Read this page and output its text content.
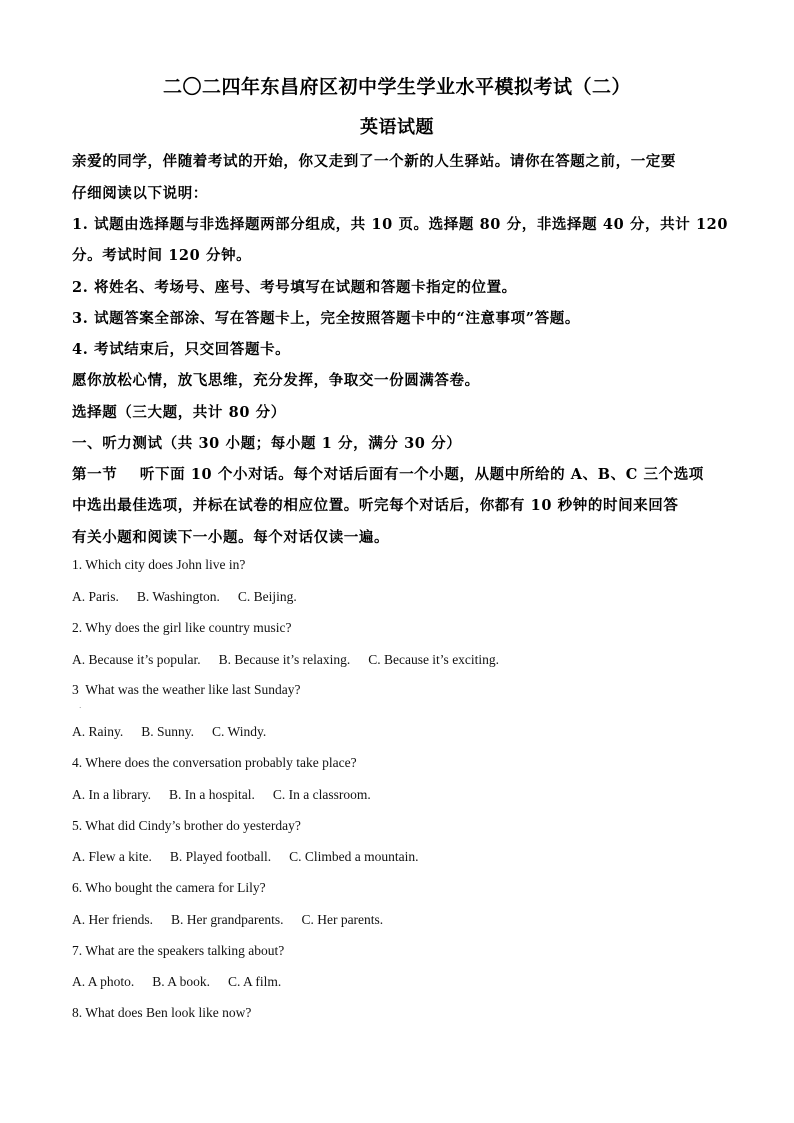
二〇二四年东昌府区初中学生学业水平模拟考试（二）
英语试题
亲爱的同学，伴随着考试的开始，你又走到了一个新的人生驿站。请你在答题之前，一定要
仔细阅读以下说明：
1. 试题由选择题与非选择题两部分组成，共 10 页。选择题 80 分，非选择题 40 分，共计 120
分。考试时间 120 分钟。
2. 将姓名、考场号、座号、考号填写在试题和答题卡指定的位置。
3. 试题答案全部涂、写在答题卡上，完全按照答题卡中的“注意事项”答题。
4. 考试结束后，只交回答题卡。
愿你放松心情，放飞思维，充分发挥，争取交一份圆满答卷。
选择题（三大题，共计 80 分）
一、听力测试（共 30 小题；每小题 1 分，满分 30 分）
第一节    听下面 10 个小对话。每个对话后面有一个小题，从题中所给的 A、B、C 三个选项
中选出最佳选项，并标在试卷的相应位置。听完每个对话后，你都有 10 秒钟的时间来回答
有关小题和阅读下一小题。每个对话仅读一遍。
1. Which city does John live in?
A. Paris. B. Washington. C. Beijing.
2. Why does the girl like country music?
A. Because it’s popular. B. Because it’s relaxing. C. Because it’s exciting.
3  What was the weather like last Sunday?
·
A. Rainy. B. Sunny. C. Windy.
4. Where does the conversation probably take place?
A. In a library. B. In a hospital. C. In a classroom.
5. What did Cindy’s brother do yesterday?
A. Flew a kite. B. Played football. C. Climbed a mountain.
6. Who bought the camera for Lily?
A. Her friends. B. Her grandparents. C. Her parents.
7. What are the speakers talking about?
A. A photo. B. A book. C. A film.
8. What does Ben look like now?
